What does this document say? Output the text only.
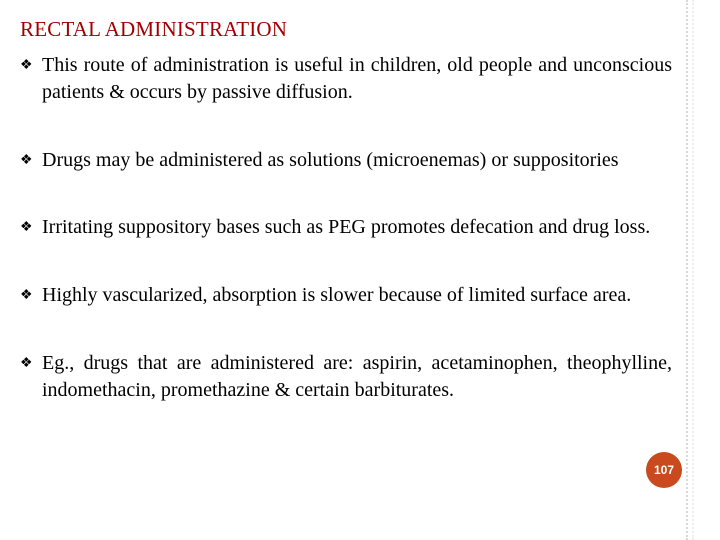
RECTAL ADMINISTRATION
❖ This route of administration is useful in children, old people and unconscious patients & occurs by passive diffusion.
❖ Drugs may be administered as solutions (microenemas) or suppositories
❖ Irritating suppository bases such as PEG promotes defecation and drug loss.
❖ Highly vascularized, absorption is slower because of limited surface area.
❖ Eg., drugs that are administered are: aspirin, acetaminophen, theophylline, indomethacin, promethazine & certain barbiturates.
107
